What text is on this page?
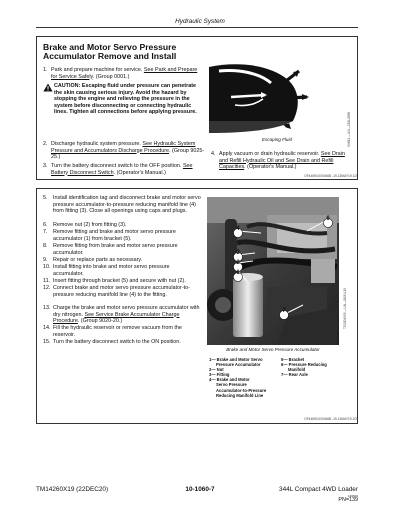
Hydraulic System
Brake and Motor Servo Pressure
Accumulator Remove and Install
1. Park and prepare machine for service. See Park and Prepare for Service Safely. (Group 0001.)
CAUTION: Escaping fluid under pressure can penetrate the skin causing serious injury. Avoid the hazard by stopping the engine and relieving the pressure in the system before disconnecting or connecting hydraulic lines. Tighten all connections before applying pressure.
2. Discharge hydraulic system pressure. See Hydraulic System Pressure and Accumulators Discharge Procedure. (Group 9025-25.)
3. Turn the battery disconnect switch to the OFF position. See Battery Disconnect Switch. (Operator's Manual.)
Escaping Fluid	X9811 —UN—23AUG88
4. Apply vacuum or drain hydraulic reservoir. See Drain and Refill Hydraulic Oil and See Drain and Refill Capacities. (Operator's Manual.)
OF44690,000046B -19-13MAY19-1/2
5.	Install identification tag and disconnect brake and motor servo pressure accumulator-to-pressure reducing manifold line (4) from fitting (3). Close all openings using caps and plugs.
6.	Remove nut (2) from fitting (3).
7.	Remove fitting and brake and motor servo pressure accumulator (1) from bracket (5).
8.	Remove fitting from brake and motor servo pressure accumulator.
9.	Repair or replace parts as necessary.
10. Install fitting into brake and motor servo pressure accumulator.
11. Insert fitting through bracket (5) and secure with nut (2).
12. Connect brake and motor servo pressure accumulator-to-pressure reducing manifold line (4) to the fitting.
13. Charge the brake and motor servo pressure accumulator with dry nitrogen. See Service Brake Accumulator Charge Procedure. (Group 9020-20.)
14. Fill the hydraulic reservoir or remove vacuum from the reservoir.
15. Turn the battery disconnect switch to the ON position.
4
3
2
1
6
7	TX1304995 —UN—06JUL19
Brake and Motor Servo Pressure Accumulator
1— Brake and Motor Servo
Pressure Accumulator
2— Nut
3— Fitting
4— Brake and Motor
Servo Pressure
Accumulator-to-Pressure
Reducing Manifold Line
5— Bracket
6— Pressure Reducing
Manifold
7— Rear Axle
OF44690,000046B -19-13MAY19-2/2
TM14260X19 (22DEC20)	10-1060-7	344L Compact 4WD Loader
120620
PN=139
